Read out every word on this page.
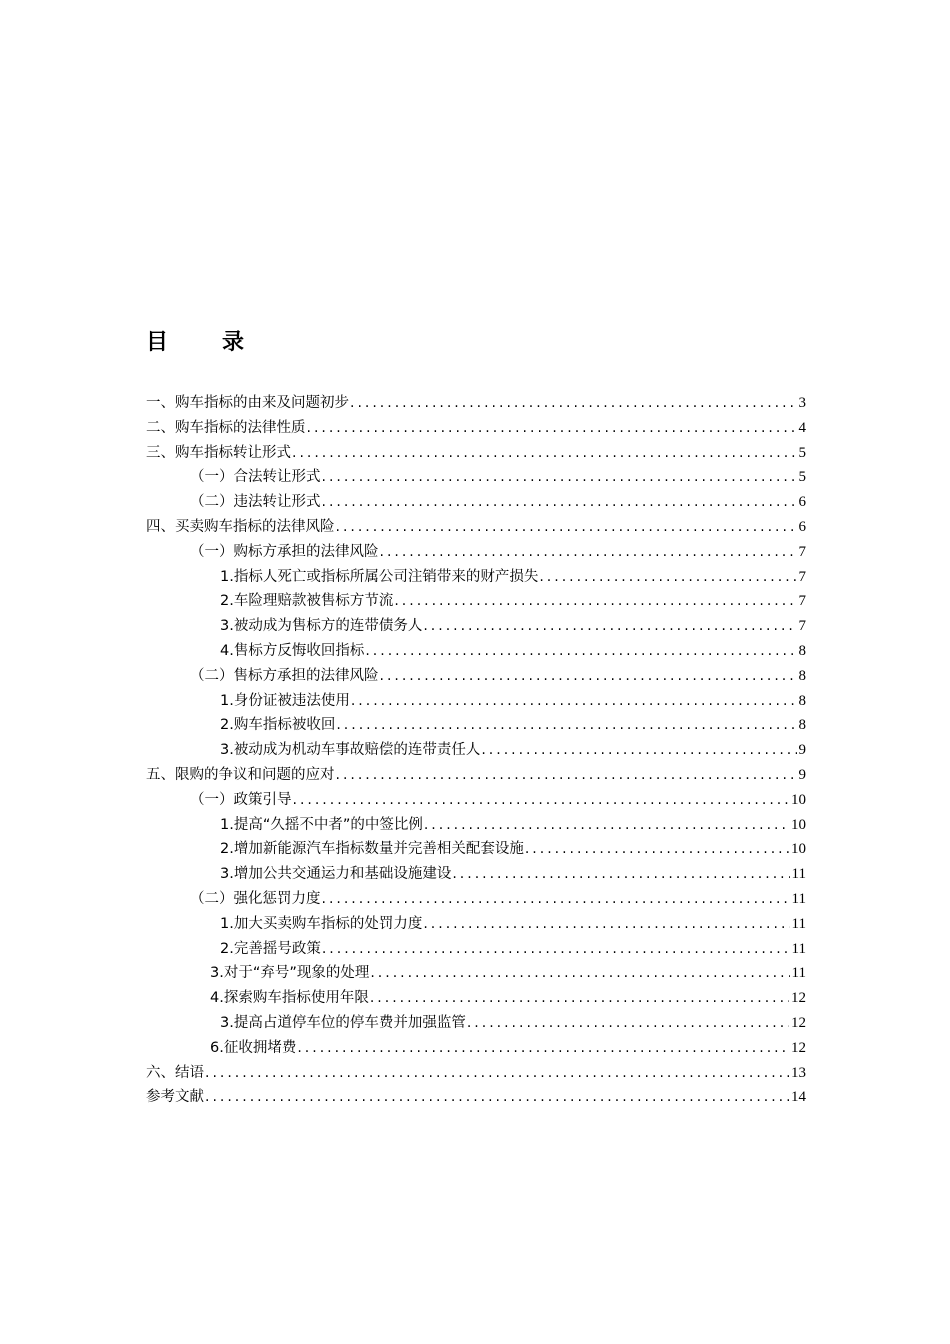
目　录
一、购车指标的由来及问题初步 .....	3
二、购车指标的法律性质 .....	4
三、购车指标转让形式 .....	5
（一）合法转让形式 .....	5
（二）违法转让形式 .....	6
四、买卖购车指标的法律风险 .....	6
（一）购标方承担的法律风险 .....	7
1.指标人死亡或指标所属公司注销带来的财产损失 .....	7
2.车险理赔款被售标方节流 .....	7
3.被动成为售标方的连带债务人 .....	7
4.售标方反悔收回指标 .....	8
（二）售标方承担的法律风险 .....	8
1.身份证被违法使用 .....	8
2.购车指标被收回 .....	8
3.被动成为机动车事故赔偿的连带责任人 .....	9
五、限购的争议和问题的应对 .....	9
（一）政策引导 .....	10
1.提高“久摇不中者”的中签比例 .....	10
2.增加新能源汽车指标数量并完善相关配套设施 .....	10
3.增加公共交通运力和基础设施建设 .....	11
（二）强化惩罚力度 .....	11
1.加大买卖购车指标的处罚力度 .....	11
2.完善摇号政策 .....	11
3.对于“弃号”现象的处理 .....	11
4.探索购车指标使用年限 .....	12
3.提高占道停车位的停车费并加强监管 .....	12
6.征收拥堵费 .....	12
六、结语 .....	13
参考文献 .....	14
